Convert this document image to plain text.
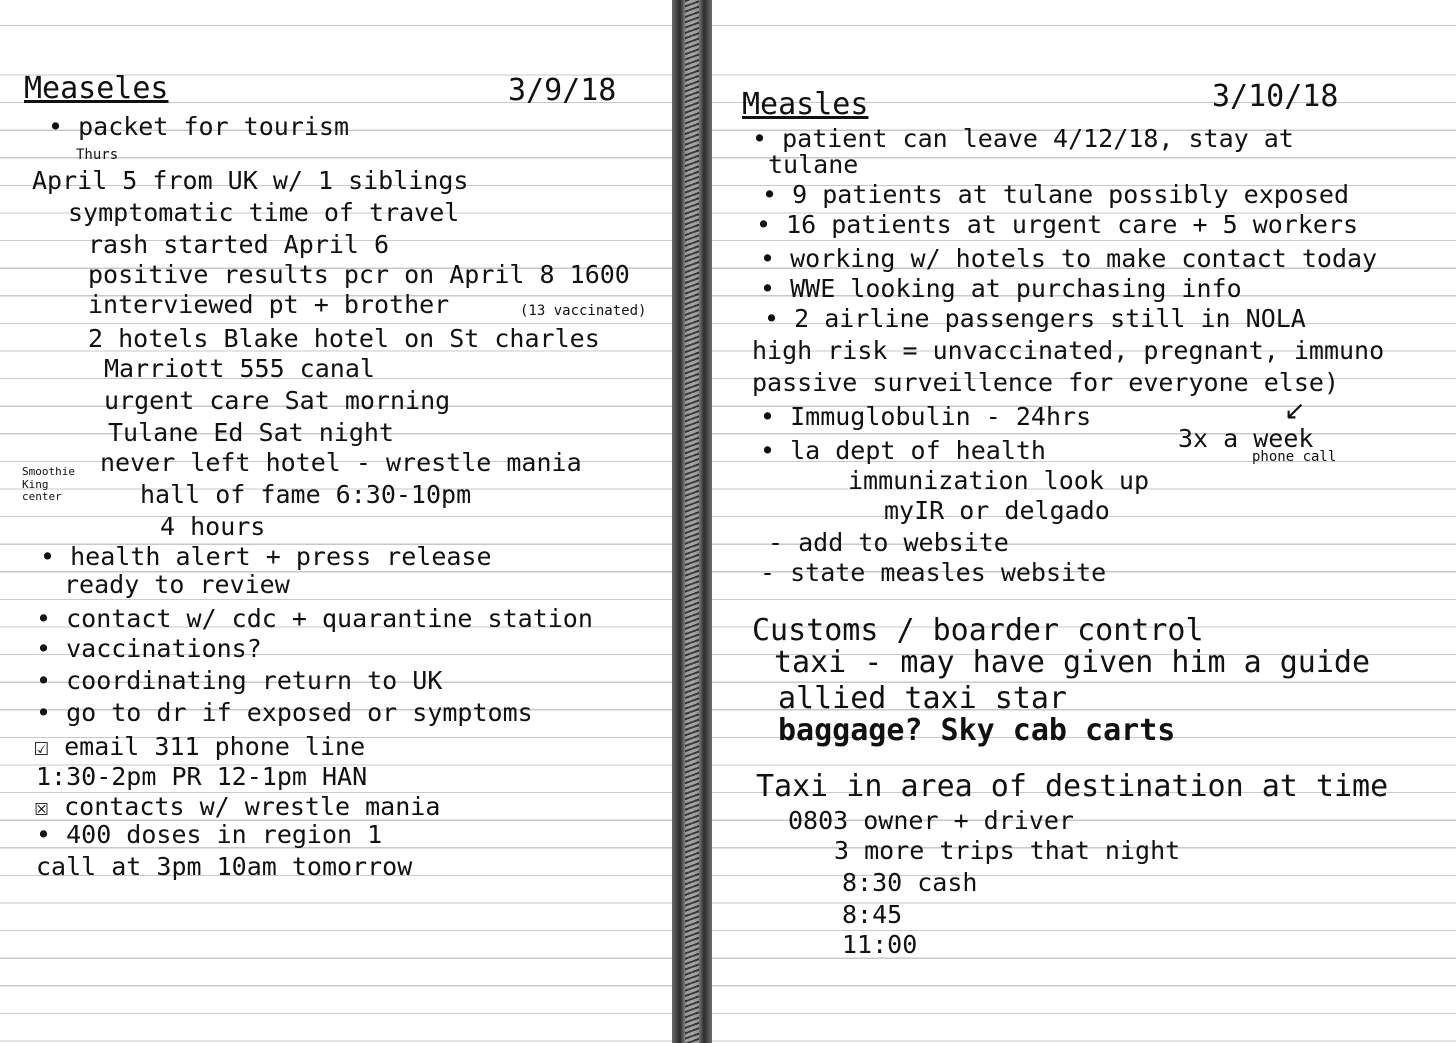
Measeles	3/9/18
• packet for tourism
Thurs
April 5 from UK w/ 1 siblings
symptomatic time of travel
rash started April 6
positive results pcr on April 8 1600
interviewed pt + brother	(13 vaccinated)
2 hotels Blake hotel on St charles
Marriott 555 canal
urgent care Sat morning
Tulane Ed Sat night
Smoothie King center
never left hotel - wrestle mania
hall of fame 6:30-10pm
4 hours
• health alert + press release
ready to review
• contact w/ cdc + quarantine station
• vaccinations?
• coordinating return to UK
• go to dr if exposed or symptoms
☑ email 311 phone line
1:30-2pm PR 12-1pm HAN
☒ contacts w/ wrestle mania
• 400 doses in region 1
call at 3pm 10am tomorrow
Measles	3/10/18
• patient can leave 4/12/18, stay at
tulane
• 9 patients at tulane possibly exposed
• 16 patients at urgent care + 5 workers
• working w/ hotels to make contact today
• WWE looking at purchasing info
• 2 airline passengers still in NOLA
high risk = unvaccinated, pregnant, immuno
passive surveillence for everyone else)
• Immuglobulin - 24hrs	↙
3x a week
phone call
• la dept of health
immunization look up
myIR or delgado
- add to website
- state measles website
Customs / boarder control
taxi - may have given him a guide
allied taxi star
baggage? Sky cab carts
Taxi in area of destination at time
0803 owner + driver
3 more trips that night
8:30 cash
8:45
11:00
